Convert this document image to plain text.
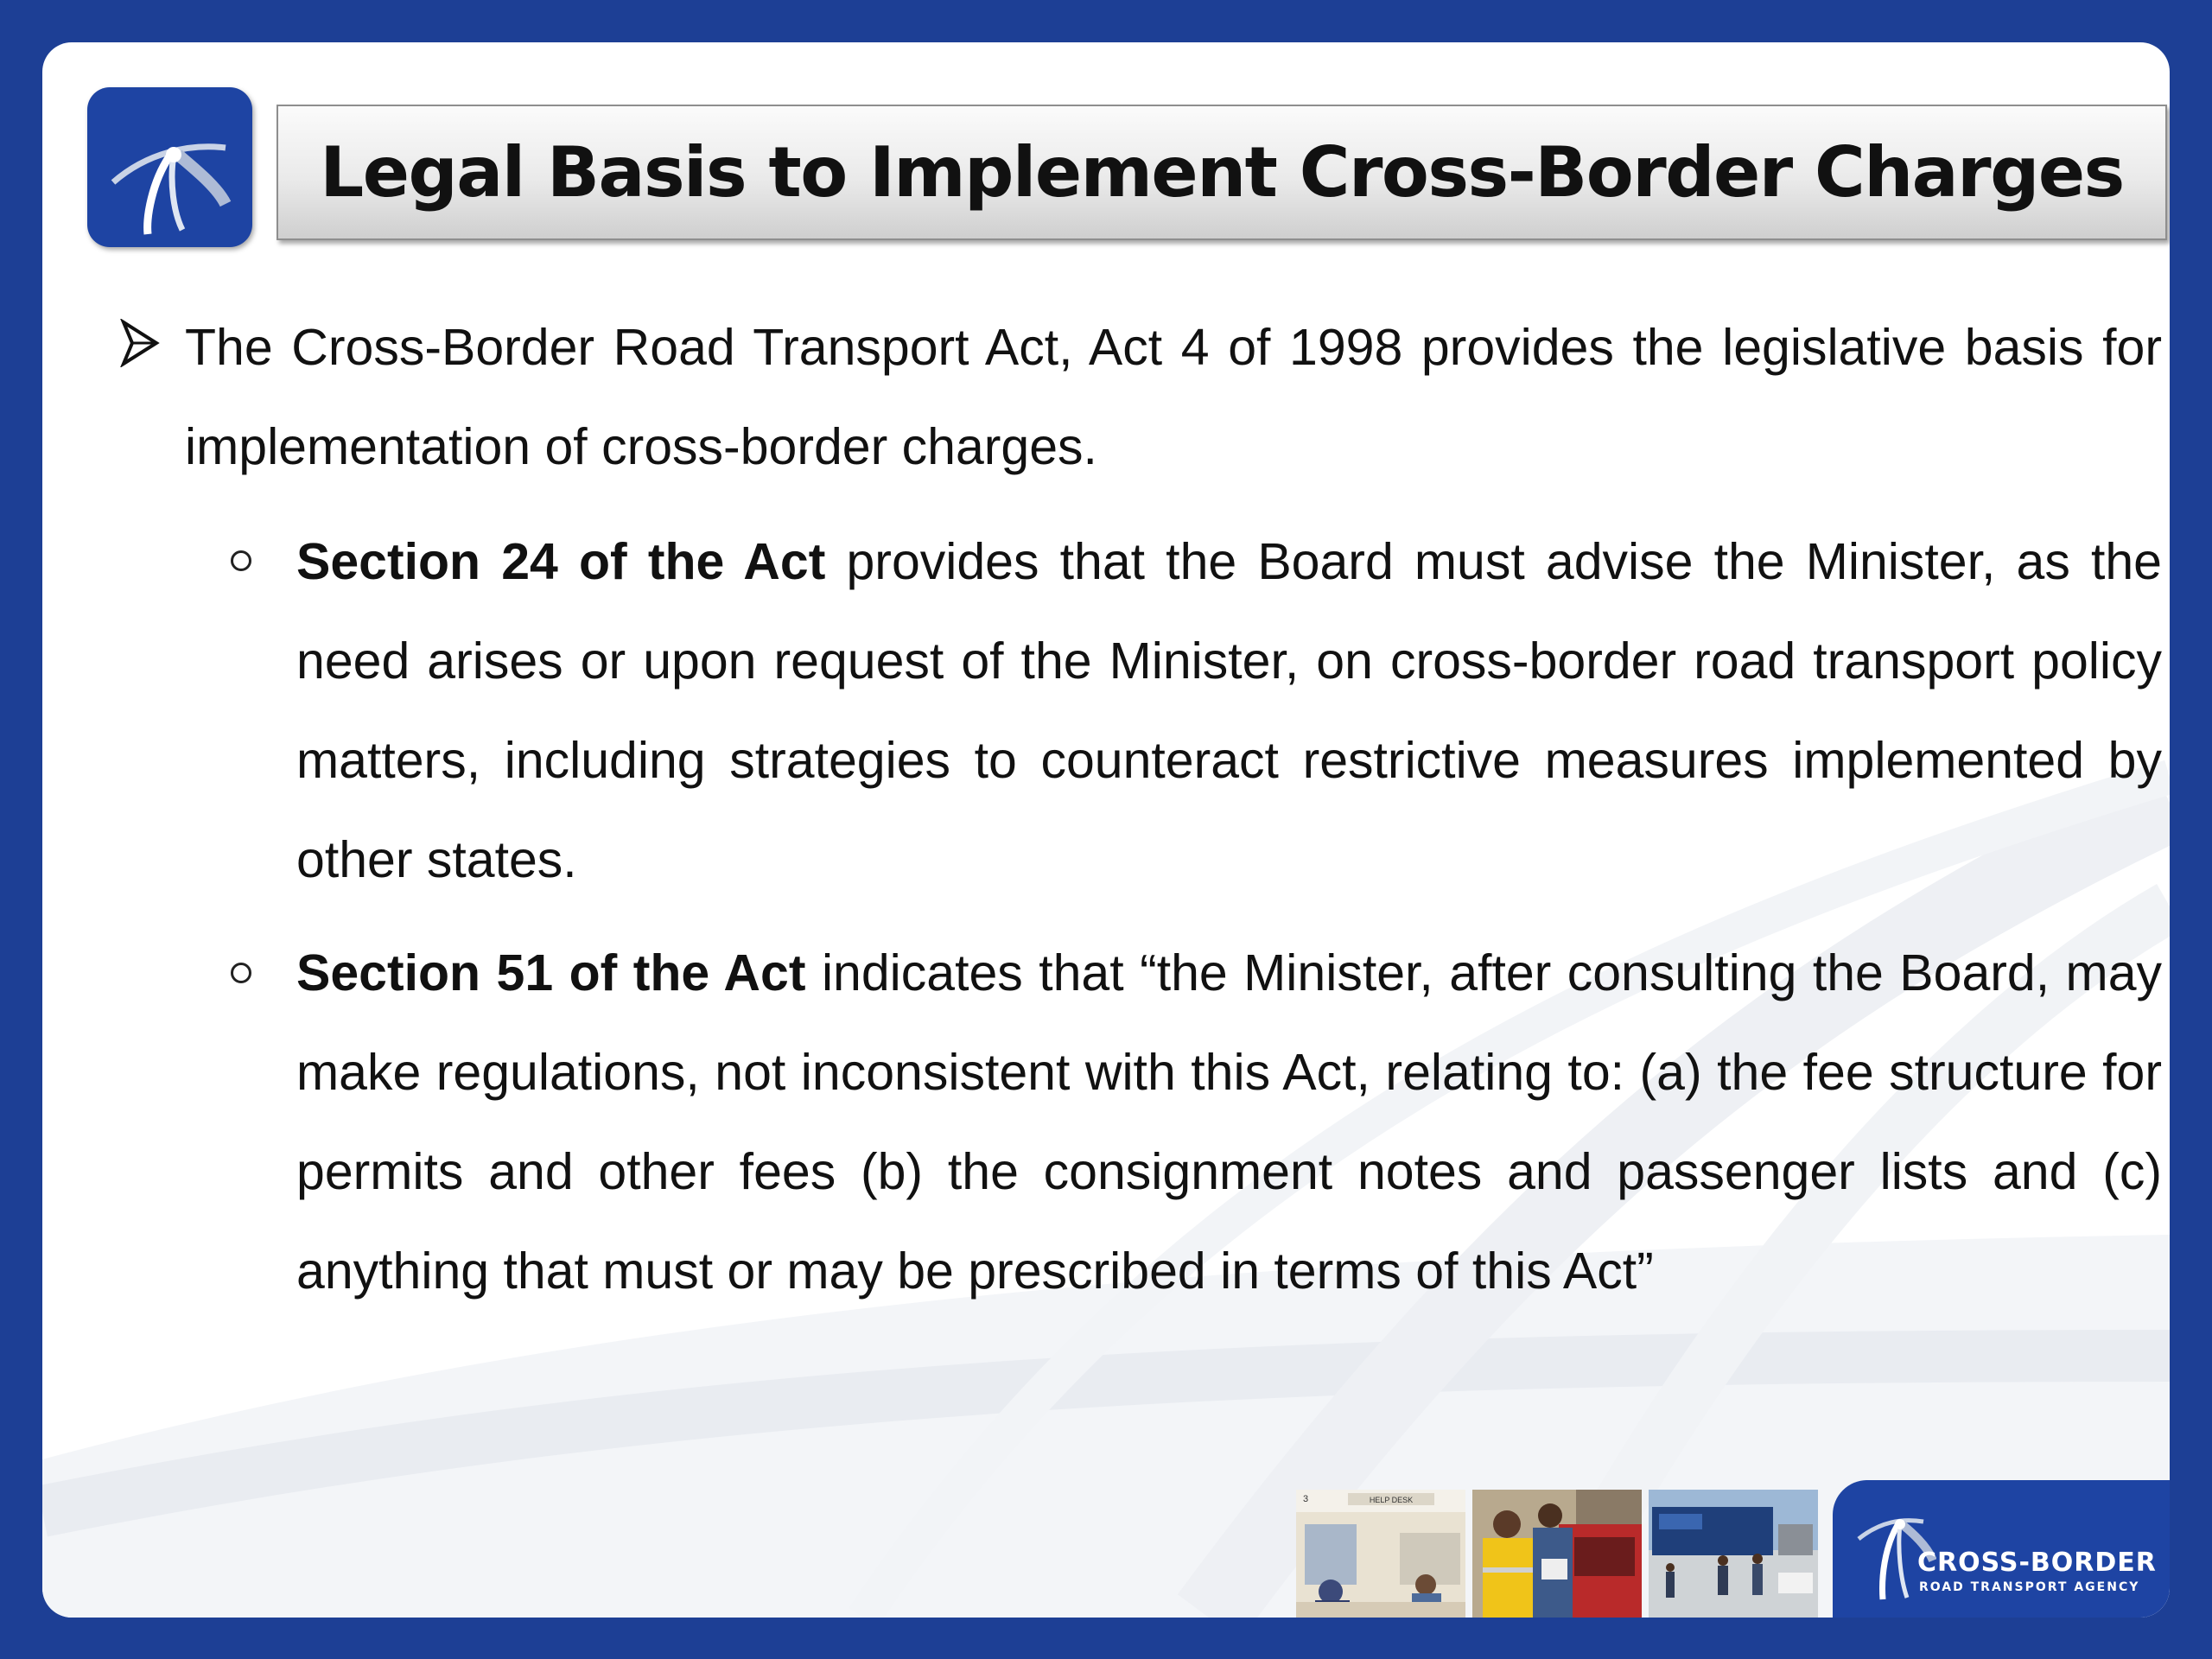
Legal Basis to Implement Cross-Border Charges
The Cross-Border Road Transport Act, Act 4 of 1998 provides the legislative basis for implementation of cross-border charges.
Section 24 of the Act provides that the Board must advise the Minister, as the need arises or upon request of the Minister, on cross-border road transport policy matters, including strategies to counteract restrictive measures implemented by other states.
Section 51 of the Act indicates that “the Minister, after consulting the Board, may make regulations, not inconsistent with this Act, relating to: (a) the fee structure for permits and other fees (b) the consignment notes and passenger lists and (c) anything that must or may be prescribed in terms of this Act”
HELP DESK
3
CROSS-BORDER
ROAD TRANSPORT AGENCY
